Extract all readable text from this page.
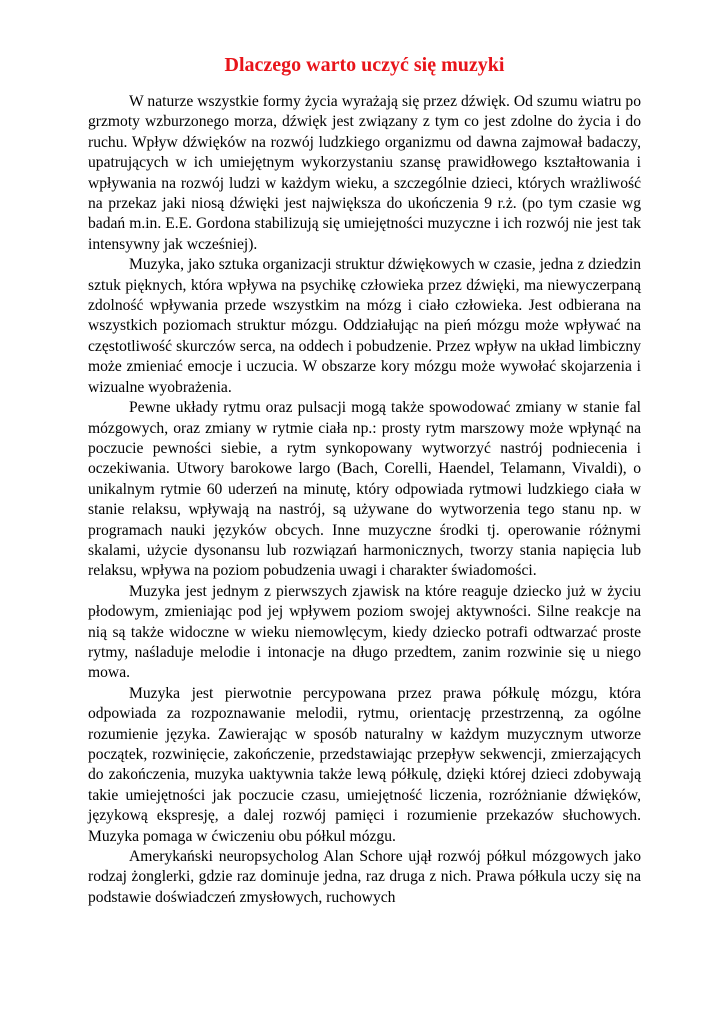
Dlaczego warto uczyć się muzyki

W naturze wszystkie formy życia wyrażają się przez dźwięk. Od szumu wiatru po grzmoty wzburzonego morza, dźwięk jest związany z tym co jest zdolne do życia i do ruchu. Wpływ dźwięków na rozwój ludzkiego organizmu od dawna zajmował badaczy, upatrujących w ich umiejętnym wykorzystaniu szansę prawidłowego kształtowania i wpływania na rozwój ludzi w każdym wieku, a szczególnie dzieci, których wrażliwość na przekaz jaki niosą dźwięki jest największa do ukończenia 9 r.ż. (po tym czasie wg badań m.in. E.E. Gordona stabilizują się umiejętności muzyczne i ich rozwój nie jest tak intensywny jak wcześniej).

Muzyka, jako sztuka organizacji struktur dźwiękowych w czasie, jedna z dziedzin sztuk pięknych, która wpływa na psychikę człowieka przez dźwięki, ma niewyczerpaną zdolność wpływania przede wszystkim na mózg i ciało człowieka. Jest odbierana na wszystkich poziomach struktur mózgu. Oddziałując na pień mózgu może wpływać na częstotliwość skurczów serca, na oddech i pobudzenie. Przez wpływ na układ limbiczny może zmieniać emocje i uczucia. W obszarze kory mózgu może wywołać skojarzenia i wizualne wyobrażenia.

Pewne układy rytmu oraz pulsacji mogą także spowodować zmiany w stanie fal mózgowych, oraz zmiany w rytmie ciała np.: prosty rytm marszowy może wpłynąć na poczucie pewności siebie, a rytm synkopowany wytworzyć nastrój podniecenia i oczekiwania. Utwory barokowe largo (Bach, Corelli, Haendel, Telamann, Vivaldi), o unikalnym rytmie 60 uderzeń na minutę, który odpowiada rytmowi ludzkiego ciała w stanie relaksu, wpływają na nastrój, są używane do wytworzenia tego stanu np. w programach nauki języków obcych. Inne muzyczne środki tj. operowanie różnymi skalami, użycie dysonansu lub rozwiązań harmonicznych, tworzy stania napięcia lub relaksu, wpływa na poziom pobudzenia uwagi i charakter świadomości.

Muzyka jest jednym z pierwszych zjawisk na które reaguje dziecko już w życiu płodowym, zmieniając pod jej wpływem poziom swojej aktywności. Silne reakcje na nią są także widoczne w wieku niemowlęcym, kiedy dziecko potrafi odtwarzać proste rytmy, naśladuje melodie i intonacje na długo przedtem, zanim rozwinie się u niego mowa.

Muzyka jest pierwotnie percypowana przez prawa półkulę mózgu, która odpowiada za rozpoznawanie melodii, rytmu, orientację przestrzenną, za ogólne rozumienie języka. Zawierając w sposób naturalny w każdym muzycznym utworze początek, rozwinięcie, zakończenie, przedstawiając przepływ sekwencji, zmierzających do zakończenia, muzyka uaktywnia także lewą półkulę, dzięki której dzieci zdobywają takie umiejętności jak poczucie czasu, umiejętność liczenia, rozróżnianie dźwięków, językową ekspresję, a dalej rozwój pamięci i rozumienie przekazów słuchowych. Muzyka pomaga w ćwiczeniu obu półkul mózgu.

Amerykański neuropsycholog Alan Schore ujął rozwój półkul mózgowych jako rodzaj żonglerki, gdzie raz dominuje jedna, raz druga z nich. Prawa półkula uczy się na podstawie doświadczeń zmysłowych, ruchowych
